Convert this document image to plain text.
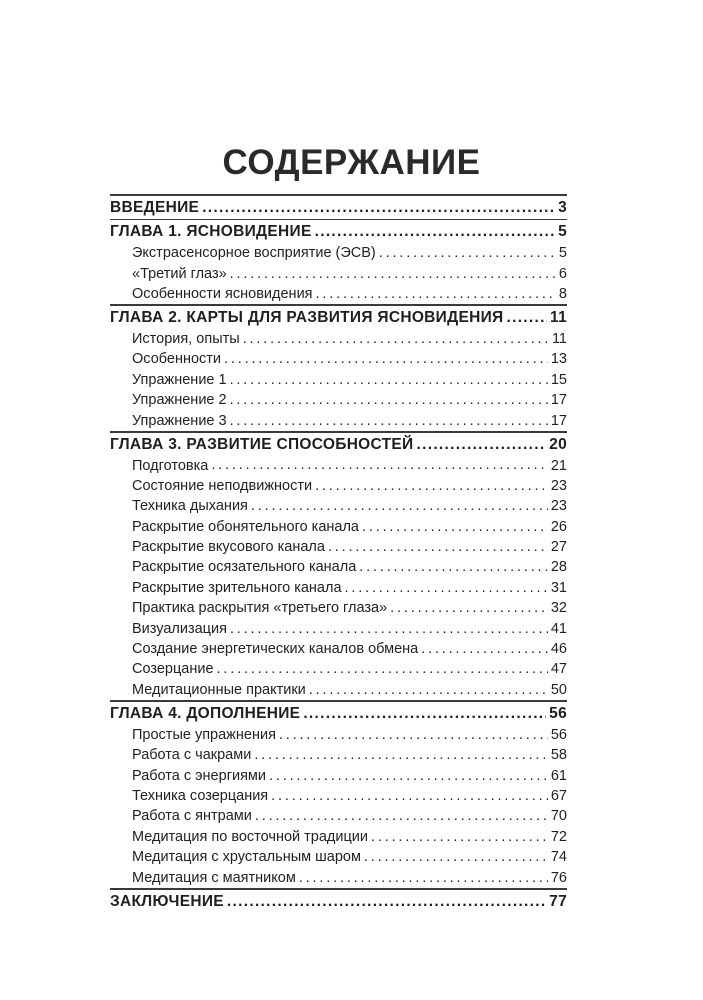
СОДЕРЖАНИЕ
ВВЕДЕНИЕ .....	3
ГЛАВА 1. ЯСНОВИДЕНИЕ .....	5
Экстрасенсорное восприятие (ЭСВ) . . .	5
«Третий глаз» . . .	6
Особенности ясновидения . . .	8
ГЛАВА 2. КАРТЫ ДЛЯ РАЗВИТИЯ ЯСНОВИДЕНИЯ .....	11
История, опыты . . .	11
Особенности . . .	13
Упражнение 1 . . .	15
Упражнение 2 . . .	17
Упражнение 3 . . .	17
ГЛАВА 3. РАЗВИТИЕ СПОСОБНОСТЕЙ .....	20
Подготовка . . .	21
Состояние неподвижности . . .	23
Техника дыхания . . .	23
Раскрытие обонятельного канала . . .	26
Раскрытие вкусового канала . . .	27
Раскрытие осязательного канала . . .	28
Раскрытие зрительного канала . . .	31
Практика раскрытия «третьего глаза» . . .	32
Визуализация . . .	41
Создание энергетических каналов обмена . . .	46
Созерцание . . .	47
Медитационные практики . . .	50
ГЛАВА 4. ДОПОЛНЕНИЕ .....	56
Простые упражнения . . .	56
Работа с чакрами . . .	58
Работа с энергиями . . .	61
Техника созерцания . . .	67
Работа с янтрами . . .	70
Медитация по восточной традиции . . .	72
Медитация с хрустальным шаром . . .	74
Медитация с маятником . . .	76
ЗАКЛЮЧЕНИЕ .....	77
